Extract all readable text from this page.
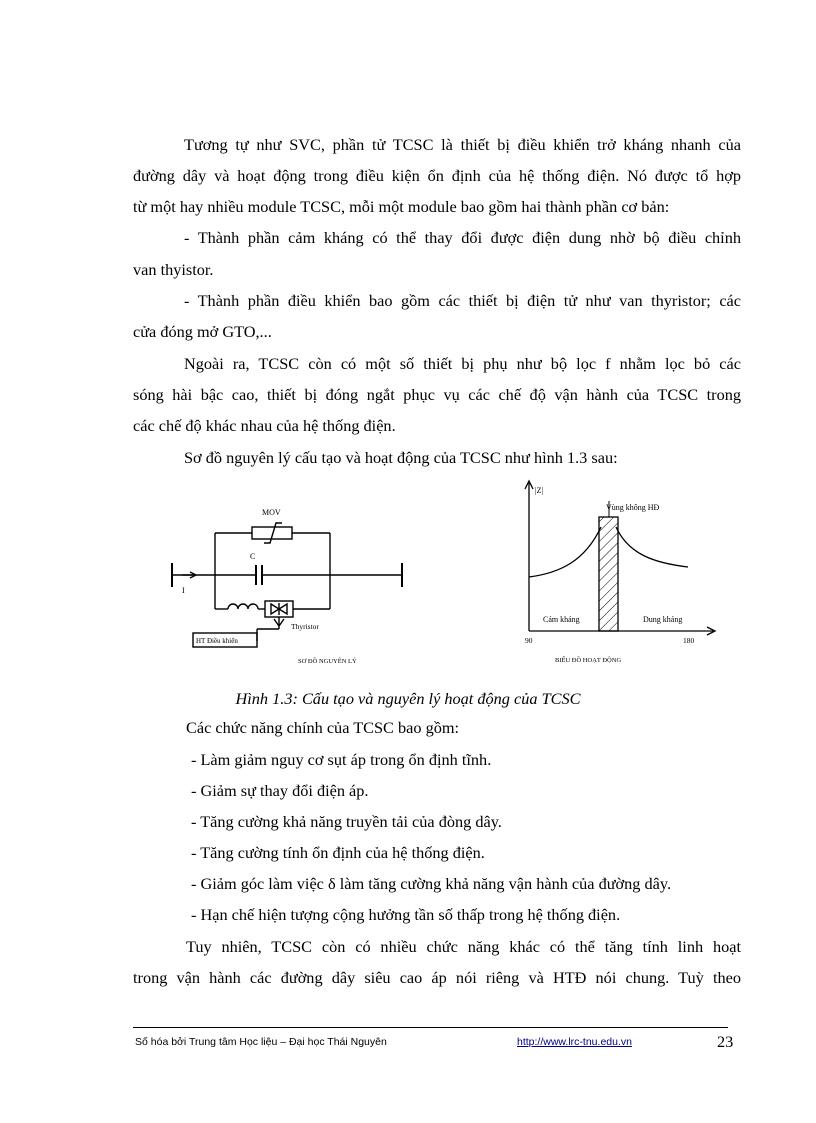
Tương tự như SVC, phần tử TCSC là thiết bị điều khiển trở kháng nhanh của
đường dây và hoạt động trong điều kiện ổn định của hệ thống điện. Nó được tổ hợp
từ một hay nhiều module TCSC, mỗi một module bao gồm hai thành phần cơ bản:
- Thành phần cảm kháng có thể thay đổi được điện dung nhờ bộ điều chỉnh
van thyistor.
- Thành phần điều khiển bao gồm các thiết bị điện tử như van thyristor; các
cửa đóng mở GTO,...
Ngoài ra, TCSC còn có một số thiết bị phụ như bộ lọc f nhằm lọc bỏ các
sóng hài bậc cao, thiết bị đóng ngắt phục vụ các chế độ vận hành của TCSC trong
các chế độ khác nhau của hệ thống điện.
Sơ đồ nguyên lý cấu tạo và hoạt động của TCSC như hình 1.3 sau:
MOV
C
I
Thyristor
HT Điều khiển
SƠ ĐỒ NGUYÊN LÝ
|Z|
Vùng không HĐ
Cảm kháng	Dung kháng
90	180
BIỂU ĐỒ HOẠT ĐỘNG
Hình 1.3: Cấu tạo và nguyên lý hoạt động của TCSC
Các chức năng chính của TCSC bao gồm:
- Làm giảm nguy cơ sụt áp trong ổn định tĩnh.
- Giảm sự thay đổi điện áp.
- Tăng cường khả năng truyền tải của đòng dây.
- Tăng cường tính ổn định của hệ thống điện.
- Giảm góc làm việc δ làm tăng cường khả năng vận hành của đường dây.
- Hạn chế hiện tượng cộng hưởng tần số thấp trong hệ thống điện.
Tuy nhiên, TCSC còn có nhiều chức năng khác có thể tăng tính linh hoạt
trong vận hành các đường dây siêu cao áp nói riêng và HTĐ nói chung. Tuỳ theo
Số hóa bởi Trung tâm Học liệu – Đại học Thái Nguyên	http://www.lrc-tnu.edu.vn	23
